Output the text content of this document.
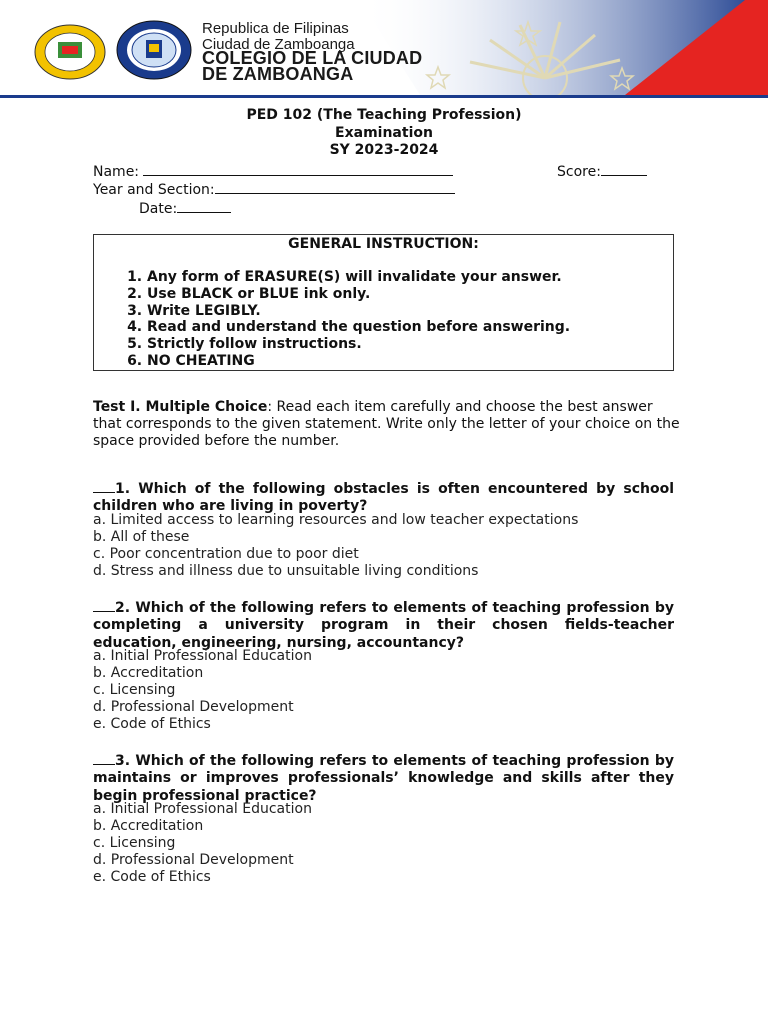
Republica de Filipinas
Ciudad de Zamboanga
COLEGIO DE LA CIUDAD
DE ZAMBOANGA
PED 102 (The Teaching Profession)
Examination
SY 2023-2024
Name:	Score:
Year and Section:
Date:
GENERAL INSTRUCTION:
1. Any form of ERASURE(S) will invalidate your answer.
2. Use BLACK or BLUE ink only.
3. Write LEGIBLY.
4. Read and understand the question before answering.
5. Strictly follow instructions.
6. NO CHEATING
Test I. Multiple Choice: Read each item carefully and choose the best answer that corresponds to the given statement. Write only the letter of your choice on the space provided before the number.
1. Which of the following obstacles is often encountered by school children who are living in poverty?
a. Limited access to learning resources and low teacher expectations
b. All of these
c. Poor concentration due to poor diet
d. Stress and illness due to unsuitable living conditions
2. Which of the following refers to elements of teaching profession by completing a university program in their chosen fields-teacher education, engineering, nursing, accountancy?
a. Initial Professional Education
b. Accreditation
c. Licensing
d. Professional Development
e. Code of Ethics
3. Which of the following refers to elements of teaching profession by maintains or improves professionals’ knowledge and skills after they begin professional practice?
a. Initial Professional Education
b. Accreditation
c. Licensing
d. Professional Development
e. Code of Ethics
